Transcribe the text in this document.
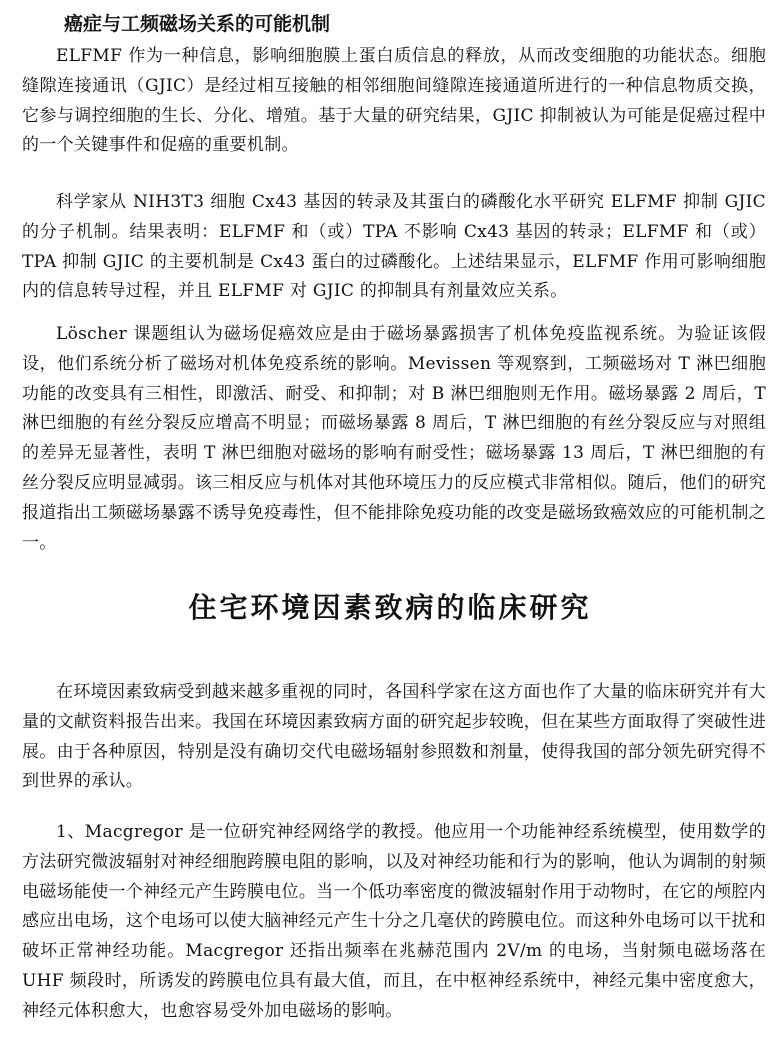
癌症与工频磁场关系的可能机制

ELFMF 作为一种信息，影响细胞膜上蛋白质信息的释放，从而改变细胞的功能状态。细胞缝隙连接通讯（GJIC）是经过相互接触的相邻细胞间缝隙连接通道所进行的一种信息物质交换，它参与调控细胞的生长、分化、增殖。基于大量的研究结果，GJIC 抑制被认为可能是促癌过程中的一个关键事件和促癌的重要机制。

科学家从 NIH3T3 细胞 Cx43 基因的转录及其蛋白的磷酸化水平研究 ELFMF 抑制 GJIC 的分子机制。结果表明：ELFMF 和（或）TPA 不影响 Cx43 基因的转录；ELFMF 和（或）TPA 抑制 GJIC 的主要机制是 Cx43 蛋白的过磷酸化。上述结果显示，ELFMF 作用可影响细胞内的信息转导过程，并且 ELFMF 对 GJIC 的抑制具有剂量效应关系。

Löscher 课题组认为磁场促癌效应是由于磁场暴露损害了机体免疫监视系统。为验证该假设，他们系统分析了磁场对机体免疫系统的影响。Mevissen 等观察到，工频磁场对 T 淋巴细胞功能的改变具有三相性，即激活、耐受、和抑制；对 B 淋巴细胞则无作用。磁场暴露 2 周后，T 淋巴细胞的有丝分裂反应增高不明显；而磁场暴露 8 周后，T 淋巴细胞的有丝分裂反应与对照组的差异无显著性，表明 T 淋巴细胞对磁场的影响有耐受性；磁场暴露 13 周后，T 淋巴细胞的有丝分裂反应明显减弱。该三相反应与机体对其他环境压力的反应模式非常相似。随后，他们的研究报道指出工频磁场暴露不诱导免疫毒性，但不能排除免疫功能的改变是磁场致癌效应的可能机制之一。

住宅环境因素致病的临床研究

在环境因素致病受到越来越多重视的同时，各国科学家在这方面也作了大量的临床研究并有大量的文献资料报告出来。我国在环境因素致病方面的研究起步较晚，但在某些方面取得了突破性进展。由于各种原因，特别是没有确切交代电磁场辐射参照数和剂量，使得我国的部分领先研究得不到世界的承认。

1、Macgregor 是一位研究神经网络学的教授。他应用一个功能神经系统模型，使用数学的方法研究微波辐射对神经细胞跨膜电阻的影响，以及对神经功能和行为的影响，他认为调制的射频电磁场能使一个神经元产生跨膜电位。当一个低功率密度的微波辐射作用于动物时，在它的颅腔内感应出电场，这个电场可以使大脑神经元产生十分之几毫伏的跨膜电位。而这种外电场可以干扰和破坏正常神经功能。Macgregor 还指出频率在兆赫范围内 2V/m 的电场，当射频电磁场落在 UHF 频段时，所诱发的跨膜电位具有最大值，而且，在中枢神经系统中，神经元集中密度愈大，神经元体积愈大，也愈容易受外加电磁场的影响。
